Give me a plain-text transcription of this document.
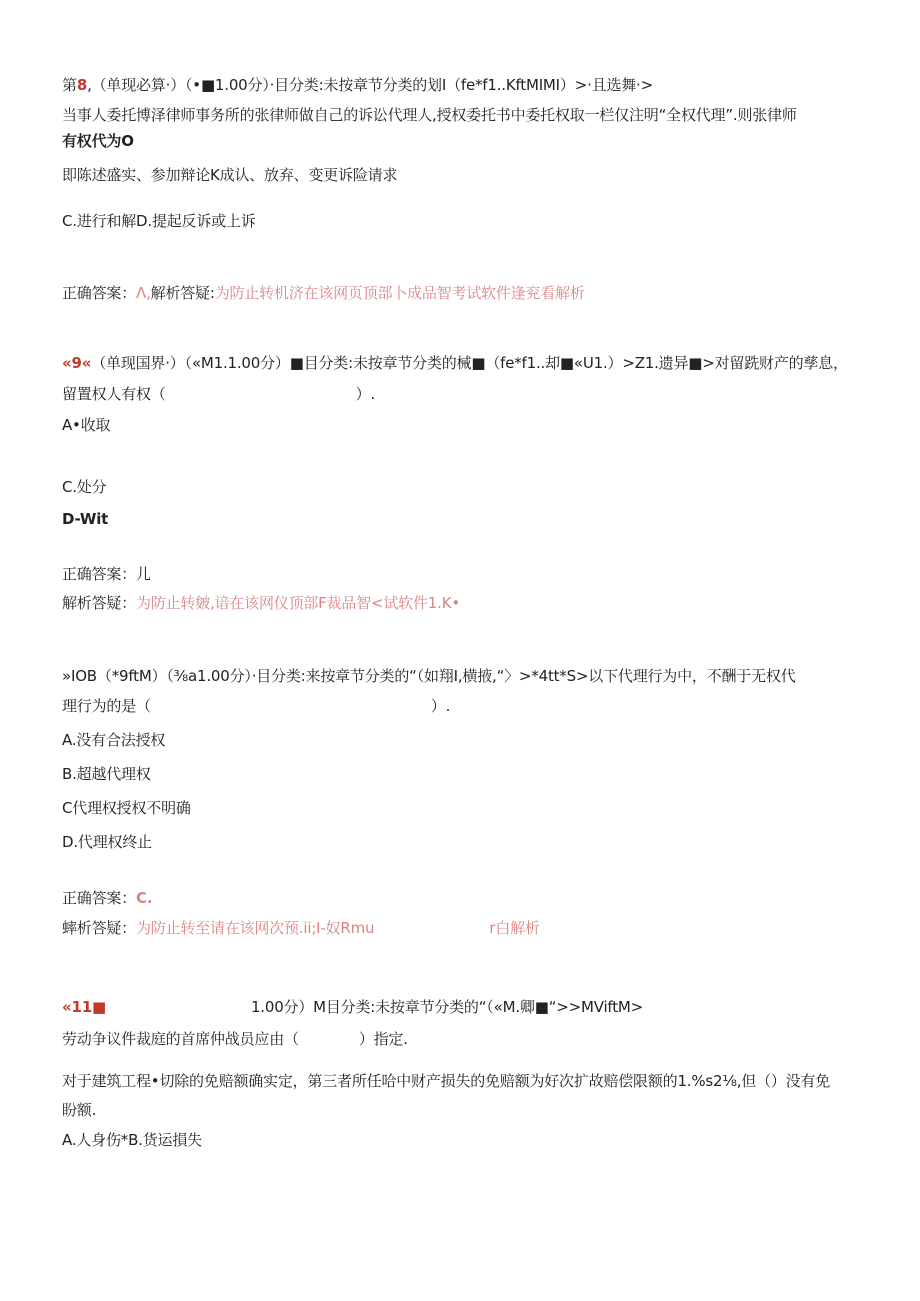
第8,（单现必算·）（•■1.00分）·目分类:未按章节分类的划I（fe*f1..KftMIMI）>·且选舞·>
当事人委托博泽律师事务所的张律师做自己的诉讼代理人,授权委托书中委托权取一栏仅注明“全权代理”.则张律师
有权代为O
即陈述盛实、参加辩论K成认、放弃、变更诉险请求
C.进行和解D.提起反诉或上诉
正确答案：Λ,解析答疑:为防止转机济在该网页顶部卜成品智考试软件逢兖看解析
«9«（单现国界·）（«M1.1.00分）■目分类:未按章节分类的械■（fe*f1..却■«U1.）>Z1.遗异■>对留跣财产的孳息，
留置权人有权（	）.
A•收取
C.处分
D-Wit
正确答案：儿
解析答疑：为防止转皴,谙在该网仪顶部F裁品智<试软件1.K•
»IOB（*9ftM）（⅜a1.00分）·目分类:来按章节分类的“（如翔I,横掖,“〉>*4tt*S>以下代理行为中，不酬于无权代
理行为的是（	）.
A.没有合法授权
B.超越代理权
C代理权授权不明确
D.代理权终止
正确答案：C.
蟀析答疑：为防止转至请在该网次预.ii;I-奴Rmu	r白解析
«11■	1.00分）M目分类:未按章节分类的“（«M.卿■“>>MViftM>
劳动争议件裁庭的首席仲战员应由（	）指定.
对于建筑工程•切除的免赔额确实定，第三者所任哈中财产损失的免赔额为好次扩故赔偿限额的1.%s2⅛,但（）没有免
盼额.
A.人身伤*B.货运損失
